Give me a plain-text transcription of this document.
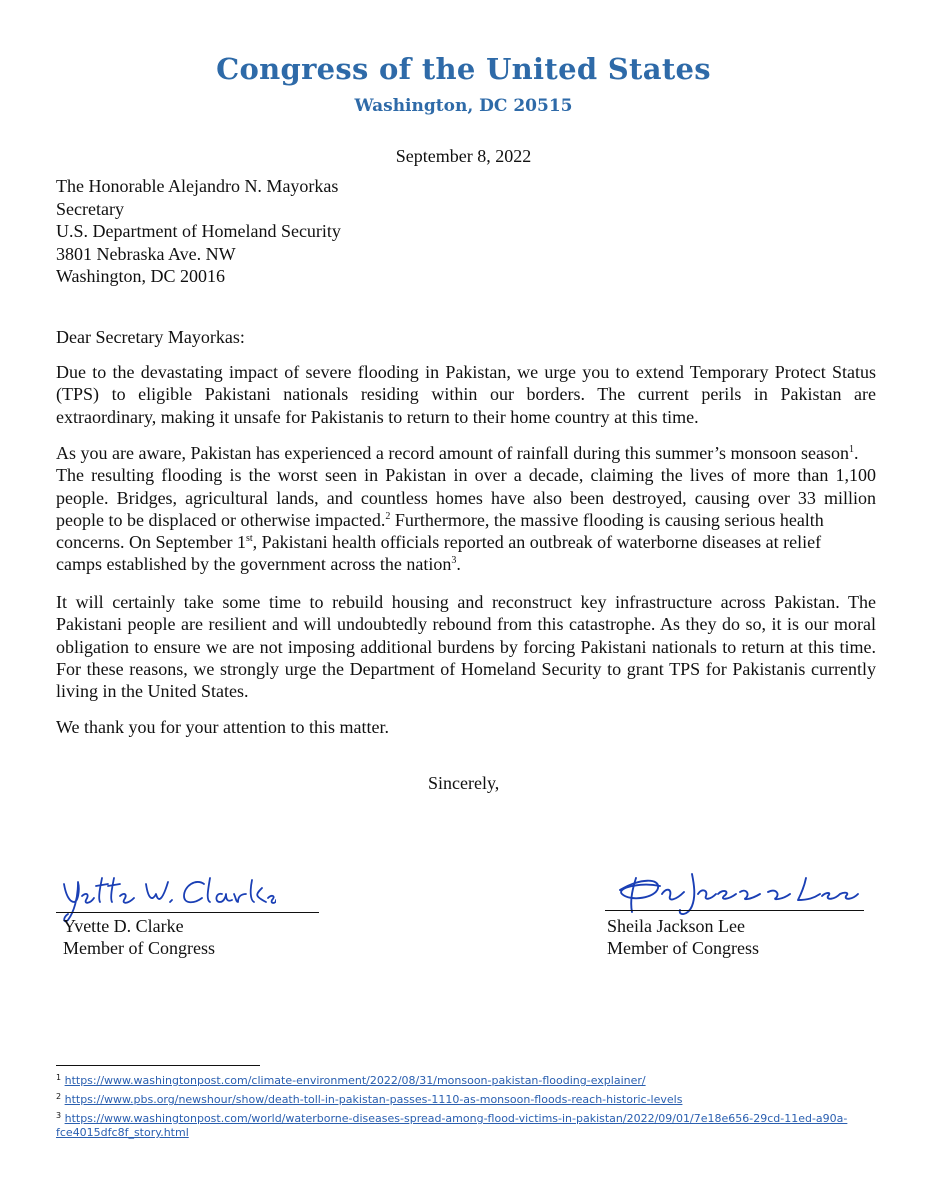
Congress of the United States
Washington, DC 20515
September 8, 2022
The Honorable Alejandro N. Mayorkas
Secretary
U.S. Department of Homeland Security
3801 Nebraska Ave. NW
Washington, DC 20016
Dear Secretary Mayorkas:
Due to the devastating impact of severe flooding in Pakistan, we urge you to extend Temporary Protect Status
(TPS) to eligible Pakistani nationals residing within our borders. The current perils in Pakistan are
extraordinary, making it unsafe for Pakistanis to return to their home country at this time.
As you are aware, Pakistan has experienced a record amount of rainfall during this summer’s monsoon season$^1$.
The resulting flooding is the worst seen in Pakistan in over a decade, claiming the lives of more than 1,100
people. Bridges, agricultural lands, and countless homes have also been destroyed, causing over 33 million
people to be displaced or otherwise impacted.$^2$ Furthermore, the massive flooding is causing serious health
concerns. On September 1st, Pakistani health officials reported an outbreak of waterborne diseases at relief
camps established by the government across the nation$^3$.
It will certainly take some time to rebuild housing and reconstruct key infrastructure across Pakistan. The
Pakistani people are resilient and will undoubtedly rebound from this catastrophe. As they do so, it is our moral
obligation to ensure we are not imposing additional burdens by forcing Pakistani nationals to return at this time.
For these reasons, we strongly urge the Department of Homeland Security to grant TPS for Pakistanis currently
living in the United States.
We thank you for your attention to this matter.
Sincerely,
Yvette D. Clarke
Member of Congress
Sheila Jackson Lee
Member of Congress
$^1$ https://www.washingtonpost.com/climate-environment/2022/08/31/monsoon-pakistan-flooding-explainer/
$^2$ https://www.pbs.org/newshour/show/death-toll-in-pakistan-passes-1110-as-monsoon-floods-reach-historic-levels
$^3$ https://www.washingtonpost.com/world/waterborne-diseases-spread-among-flood-victims-in-pakistan/2022/09/01/7e18e656-29cd-11ed-a90a-
fce4015dfc8f_story.html
